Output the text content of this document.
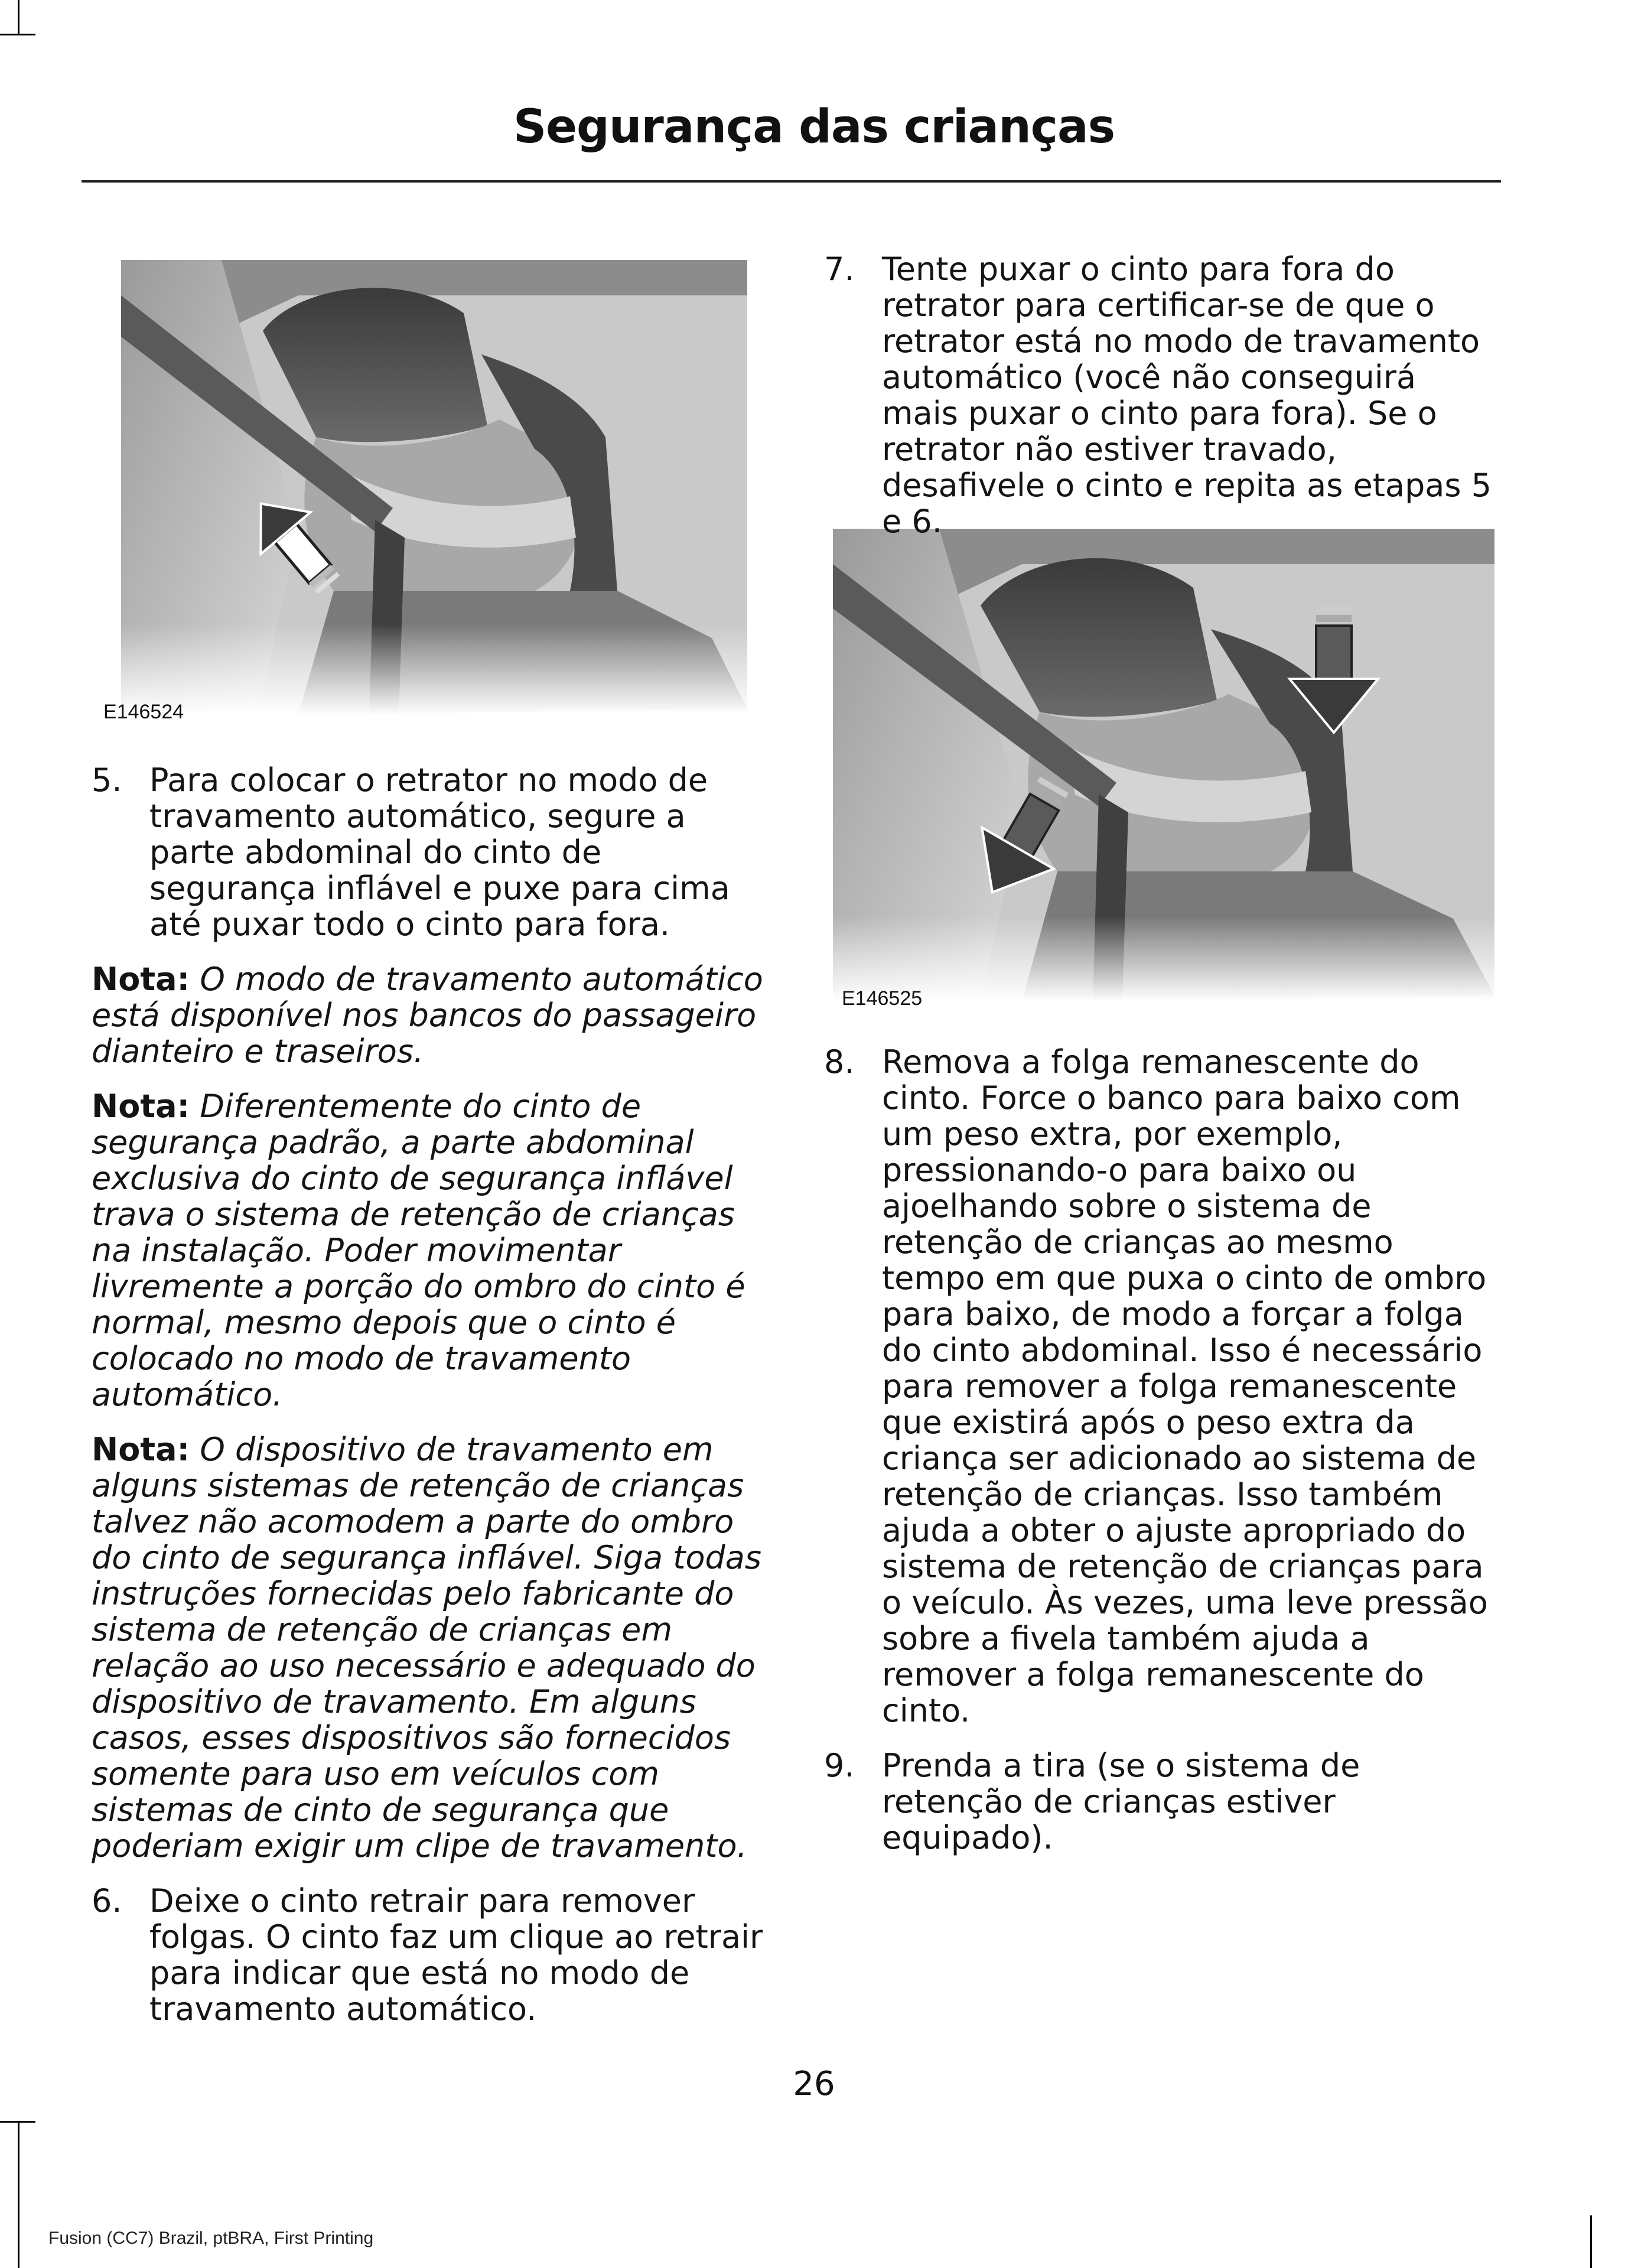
Segurança das crianças
E146524
E146525
5. Para colocar o retrator no modo de travamento automático, segure a parte abdominal do cinto de segurança inflável e puxe para cima até puxar todo o cinto para fora.

Nota: O modo de travamento automático está disponível nos bancos do passageiro dianteiro e traseiros.

Nota: Diferentemente do cinto de segurança padrão, a parte abdominal exclusiva do cinto de segurança inflável trava o sistema de retenção de crianças na instalação. Poder movimentar livremente a porção do ombro do cinto é normal, mesmo depois que o cinto é colocado no modo de travamento automático.

Nota: O dispositivo de travamento em alguns sistemas de retenção de crianças talvez não acomodem a parte do ombro do cinto de segurança inflável. Siga todas instruções fornecidas pelo fabricante do sistema de retenção de crianças em relação ao uso necessário e adequado do dispositivo de travamento. Em alguns casos, esses dispositivos são fornecidos somente para uso em veículos com sistemas de cinto de segurança que poderiam exigir um clipe de travamento.

6. Deixe o cinto retrair para remover folgas. O cinto faz um clique ao retrair para indicar que está no modo de travamento automático.

7. Tente puxar o cinto para fora do retrator para certificar-se de que o retrator está no modo de travamento automático (você não conseguirá mais puxar o cinto para fora). Se o retrator não estiver travado, desafivele o cinto e repita as etapas 5 e 6.

8. Remova a folga remanescente do cinto. Force o banco para baixo com um peso extra, por exemplo, pressionando-o para baixo ou ajoelhando sobre o sistema de retenção de crianças ao mesmo tempo em que puxa o cinto de ombro para baixo, de modo a forçar a folga do cinto abdominal. Isso é necessário para remover a folga remanescente que existirá após o peso extra da criança ser adicionado ao sistema de retenção de crianças. Isso também ajuda a obter o ajuste apropriado do sistema de retenção de crianças para o veículo. Às vezes, uma leve pressão sobre a fivela também ajuda a remover a folga remanescente do cinto.

9. Prenda a tira (se o sistema de retenção de crianças estiver equipado).

26
Fusion (CC7) Brazil, ptBRA, First Printing
